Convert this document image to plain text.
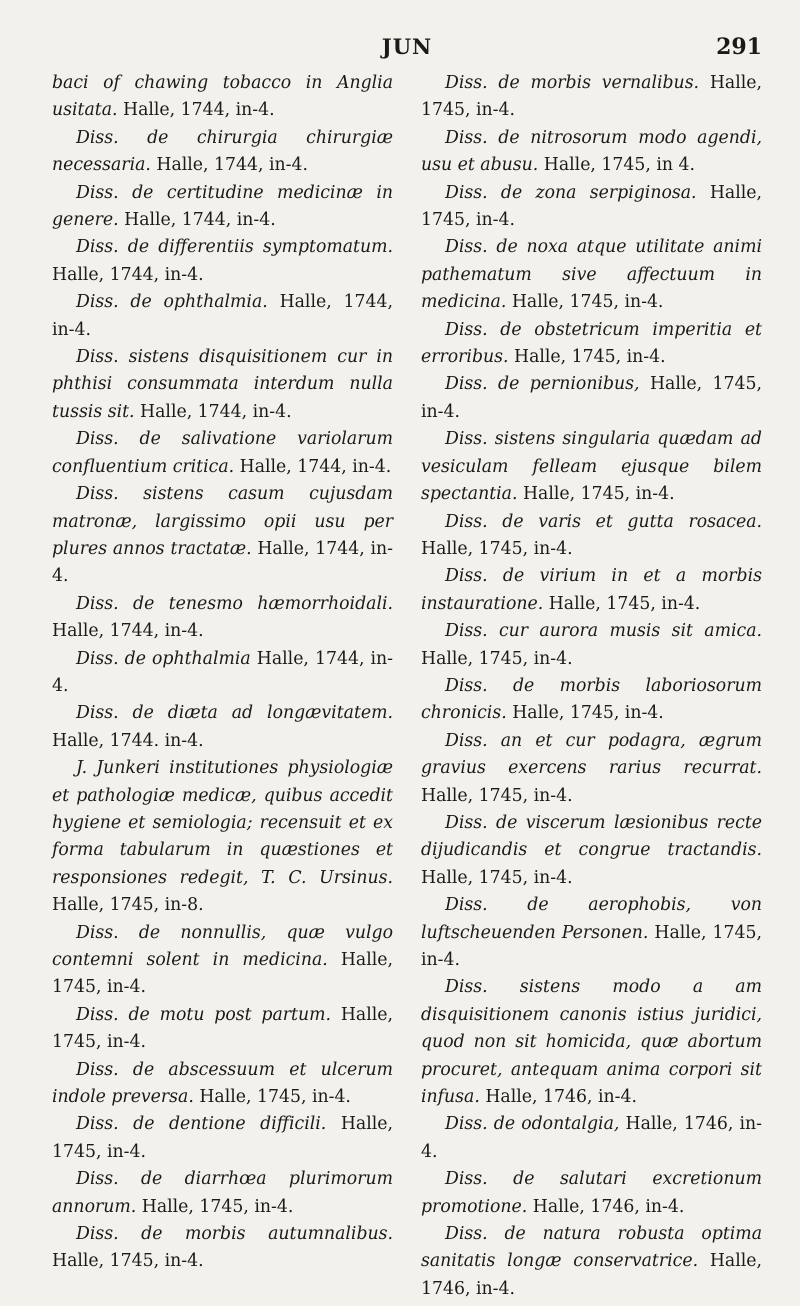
JUN	291

baci of chawing tobacco in Anglia usitata. Halle, 1744, in-4.

Diss. de chirurgia chirurgiæ necessaria. Halle, 1744, in-4.

Diss. de certitudine medicinæ in genere. Halle, 1744, in-4.

Diss. de differentiis symptomatum. Halle, 1744, in-4.

Diss. de ophthalmia. Halle, 1744, in-4.

Diss. sistens disquisitionem cur in phthisi consummata interdum nulla tussis sit. Halle, 1744, in-4.

Diss. de salivatione variolarum confluentium critica. Halle, 1744, in-4.

Diss. sistens casum cujusdam matronæ, largissimo opii usu per plures annos tractatæ. Halle, 1744, in-4.

Diss. de tenesmo hæmorrhoidali. Halle, 1744, in-4.

Diss. de ophthalmia Halle, 1744, in-4.

Diss. de diæta ad longævitatem. Halle, 1744. in-4.

J. Junkeri institutiones physiologiæ et pathologiæ medicæ, quibus accedit hygiene et semiologia; recensuit et ex forma tabularum in quæstiones et responsiones redegit, T. C. Ursinus. Halle, 1745, in-8.

Diss. de nonnullis, quæ vulgo contemni solent in medicina. Halle, 1745, in-4.

Diss. de motu post partum. Halle, 1745, in-4.

Diss. de abscessuum et ulcerum indole preversa. Halle, 1745, in-4.

Diss. de dentione difficili. Halle, 1745, in-4.

Diss. de diarrhœa plurimorum annorum. Halle, 1745, in-4.

Diss. de morbis autumnalibus. Halle, 1745, in-4.

Diss. de morbis vernalibus. Halle, 1745, in-4.

Diss. de nitrosorum modo agendi, usu et abusu. Halle, 1745, in 4.

Diss. de zona serpiginosa. Halle, 1745, in-4.

Diss. de noxa atque utilitate animi pathematum sive affectuum in medicina. Halle, 1745, in-4.

Diss. de obstetricum imperitia et erroribus. Halle, 1745, in-4.

Diss. de pernionibus, Halle, 1745, in-4.

Diss. sistens singularia quædam ad vesiculam felleam ejusque bilem spectantia. Halle, 1745, in-4.

Diss. de varis et gutta rosacea. Halle, 1745, in-4.

Diss. de virium in et a morbis instauratione. Halle, 1745, in-4.

Diss. cur aurora musis sit amica. Halle, 1745, in-4.

Diss. de morbis laboriosorum chronicis. Halle, 1745, in-4.

Diss. an et cur podagra, ægrum gravius exercens rarius recurrat. Halle, 1745, in-4.

Diss. de viscerum læsionibus recte dijudicandis et congrue tractandis. Halle, 1745, in-4.

Diss. de aerophobis, von luftscheuenden Personen. Halle, 1745, in-4.

Diss. sistens modo a am disquisitionem canonis istius juridici, quod non sit homicida, quæ abortum procuret, antequam anima corpori sit infusa. Halle, 1746, in-4.

Diss. de odontalgia, Halle, 1746, in-4.

Diss. de salutari excretionum promotione. Halle, 1746, in-4.

Diss. de natura robusta optima sanitatis longæ conservatrice. Halle, 1746, in-4.
